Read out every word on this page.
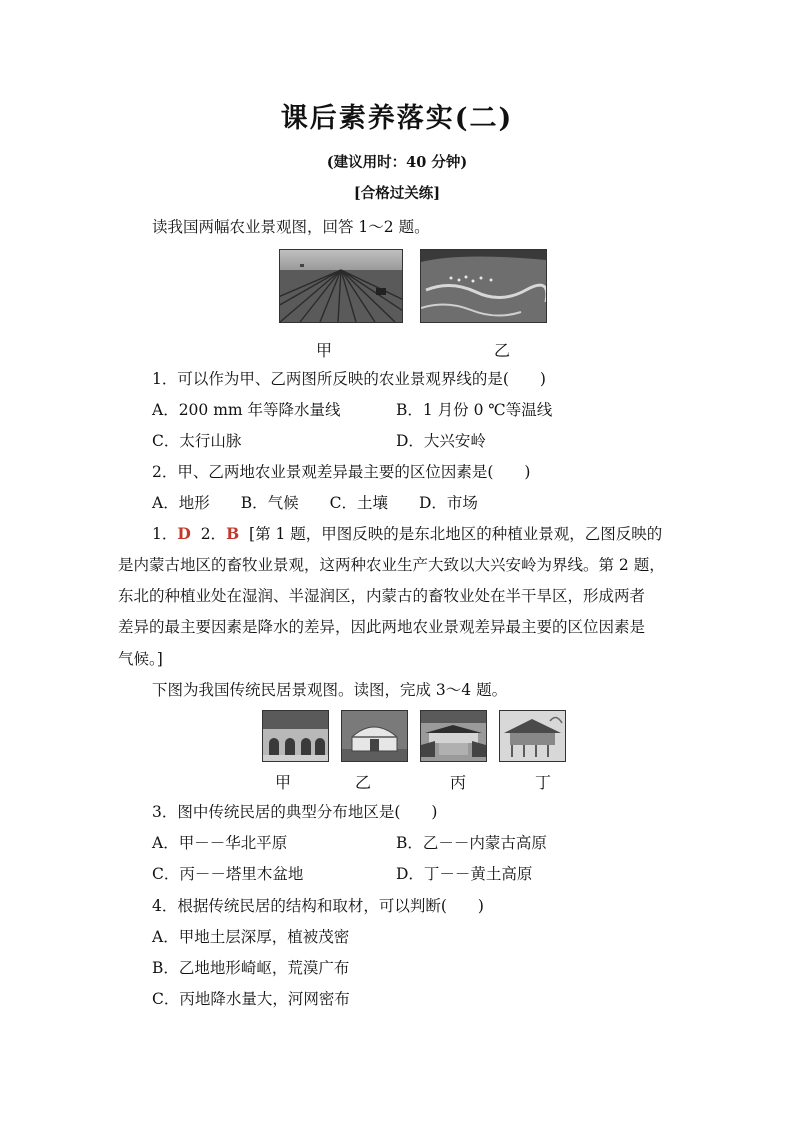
课后素养落实(二)
(建议用时：40 分钟)
[合格过关练]
读我国两幅农业景观图，回答 1～2 题。
甲	乙
1．可以作为甲、乙两图所反映的农业景观界线的是(　　)
A．200 mm 年等降水量线	B．1 月份 0 ℃等温线
C．太行山脉	D．大兴安岭
2．甲、乙两地农业景观差异最主要的区位因素是(　　)
A．地形　　B．气候　　C．土壤　　D．市场
1．D 2．B [第 1 题，甲图反映的是东北地区的种植业景观，乙图反映的
是内蒙古地区的畜牧业景观，这两种农业生产大致以大兴安岭为界线。第 2 题，
东北的种植业处在湿润、半湿润区，内蒙古的畜牧业处在半干旱区，形成两者
差异的最主要因素是降水的差异，因此两地农业景观差异最主要的区位因素是
气候。]
下图为我国传统民居景观图。读图，完成 3～4 题。
甲	乙	丙	丁
3．图中传统民居的典型分布地区是(　　)
A．甲－－华北平原	B．乙－－内蒙古高原
C．丙－－塔里木盆地	D．丁－－黄土高原
4．根据传统民居的结构和取材，可以判断(　　)
A．甲地土层深厚，植被茂密
B．乙地地形崎岖，荒漠广布
C．丙地降水量大，河网密布
